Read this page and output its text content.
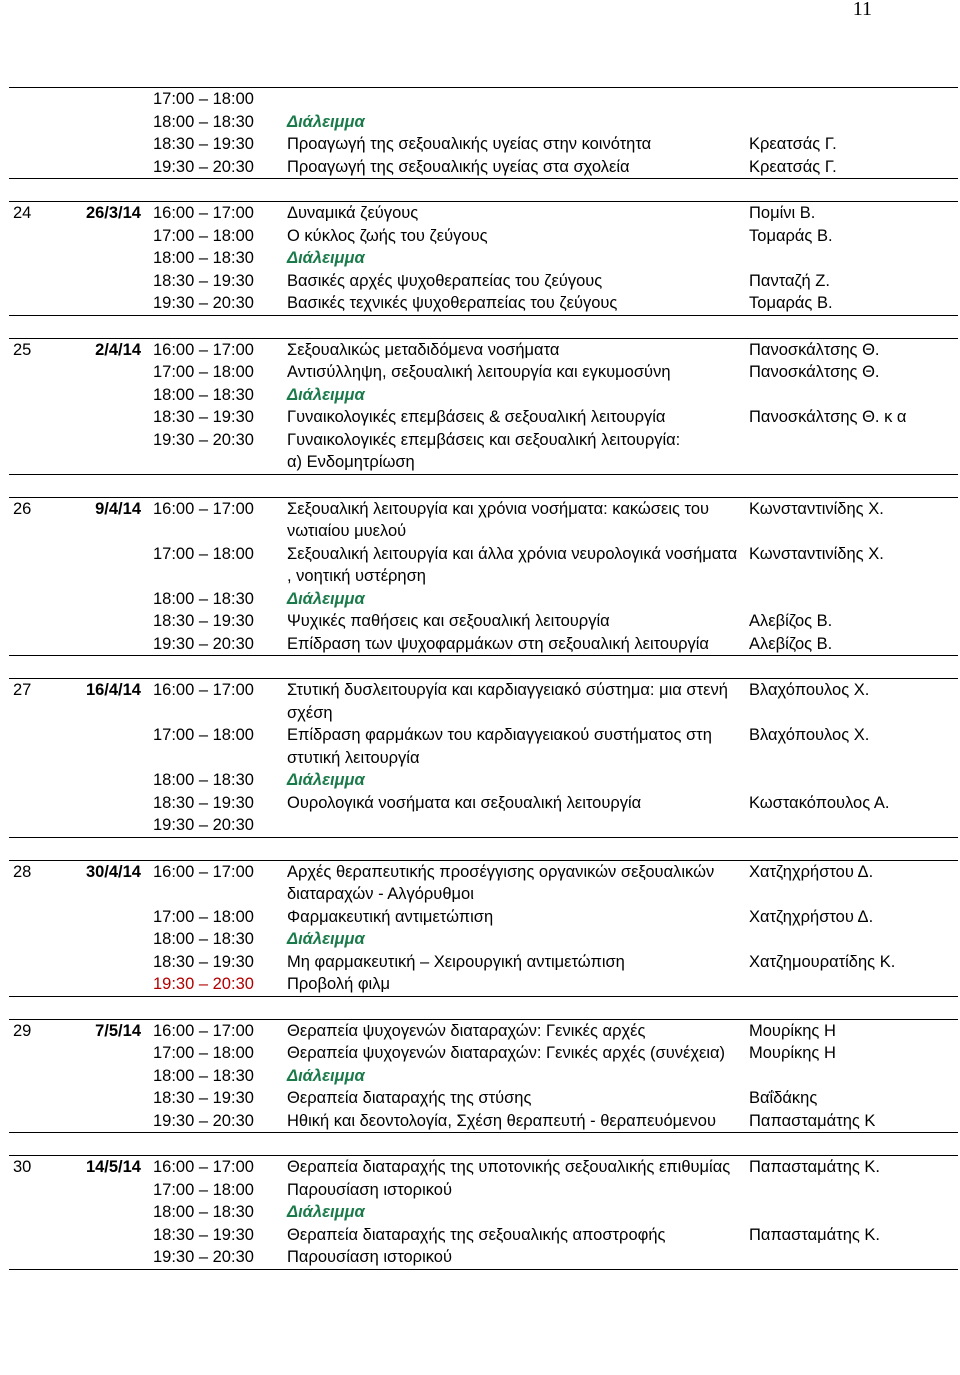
11
		17:00 – 18:00		
		18:00 – 18:30	Διάλειμμα	
		18:30 – 19:30	Προαγωγή της σεξουαλικής υγείας στην κοινότητα	Κρεατσάς Γ.
		19:30 – 20:30	Προαγωγή της σεξουαλικής υγείας στα σχολεία	Κρεατσάς Γ.

24	26/3/14	16:00 – 17:00	Δυναμικά ζεύγους	Πομίνι Β.
		17:00 – 18:00	Ο κύκλος ζωής του ζεύγους	Τομαράς Β.
		18:00 – 18:30	Διάλειμμα	
		18:30 – 19:30	Βασικές αρχές ψυχοθεραπείας του ζεύγους	Πανταζή Ζ.
		19:30 – 20:30	Βασικές τεχνικές ψυχοθεραπείας του ζεύγους	Τομαράς Β.

25	2/4/14	16:00 – 17:00	Σεξουαλικώς μεταδιδόμενα νοσήματα	Πανοσκάλτσης Θ.
		17:00 – 18:00	Αντισύλληψη, σεξουαλική λειτουργία και εγκυμοσύνη	Πανοσκάλτσης Θ.
		18:00 – 18:30	Διάλειμμα	
		18:30 – 19:30	Γυναικολογικές επεμβάσεις & σεξουαλική λειτουργία	Πανοσκάλτσης Θ. κ α
		19:30 – 20:30	Γυναικολογικές επεμβάσεις και σεξουαλική λειτουργία:
α) Ενδομητρίωση	

26	9/4/14	16:00 – 17:00	Σεξουαλική λειτουργία και χρόνια νοσήματα: κακώσεις του νωτιαίου μυελού	Κωνσταντινίδης Χ.
		17:00 – 18:00	Σεξουαλική λειτουργία και άλλα χρόνια νευρολογικά νοσήματα , νοητική υστέρηση	Κωνσταντινίδης Χ.
		18:00 – 18:30	Διάλειμμα	
		18:30 – 19:30	Ψυχικές παθήσεις και σεξουαλική λειτουργία	Αλεβίζος Β.
		19:30 – 20:30	Επίδραση των ψυχοφαρμάκων στη σεξουαλική λειτουργία	Αλεβίζος Β.

27	16/4/14	16:00 – 17:00	Στυτική δυσλειτουργία και καρδιαγγειακό σύστημα: μια στενή σχέση	Βλαχόπουλος Χ.
		17:00 – 18:00	Επίδραση φαρμάκων του καρδιαγγειακού συστήματος στη στυτική λειτουργία	Βλαχόπουλος Χ.
		18:00 – 18:30	Διάλειμμα	
		18:30 – 19:30	Ουρολογικά νοσήματα και σεξουαλική λειτουργία	Κωστακόπουλος Α.
		19:30 – 20:30		

28	30/4/14	16:00 – 17:00	Αρχές θεραπευτικής προσέγγισης οργανικών σεξουαλικών διαταραχών - Αλγόρυθμοι	Χατζηχρήστου Δ.
		17:00 – 18:00	Φαρμακευτική αντιμετώπιση	Χατζηχρήστου Δ.
		18:00 – 18:30	Διάλειμμα	
		18:30 – 19:30	Μη φαρμακευτική – Χειρουργική αντιμετώπιση	Χατζημουρατίδης Κ.
		19:30 – 20:30	Προβολή φιλμ	

29	7/5/14	16:00 – 17:00	Θεραπεία ψυχογενών διαταραχών: Γενικές αρχές	Μουρίκης Η
		17:00 – 18:00	Θεραπεία ψυχογενών διαταραχών: Γενικές αρχές (συνέχεια)	Μουρίκης Η
		18:00 – 18:30	Διάλειμμα	
		18:30 – 19:30	Θεραπεία διαταραχής της στύσης	Βαΐδάκης
		19:30 – 20:30	Ηθική και δεοντολογία, Σχέση θεραπευτή - θεραπευόμενου	Παπασταμάτης Κ

30	14/5/14	16:00 – 17:00	Θεραπεία διαταραχής της υποτονικής σεξουαλικής επιθυμίας	Παπασταμάτης Κ.
		17:00 – 18:00	Παρουσίαση ιστορικού	
		18:00 – 18:30	Διάλειμμα	
		18:30 – 19:30	Θεραπεία διαταραχής της σεξουαλικής αποστροφής	Παπασταμάτης Κ.
		19:30 – 20:30	Παρουσίαση ιστορικού	
